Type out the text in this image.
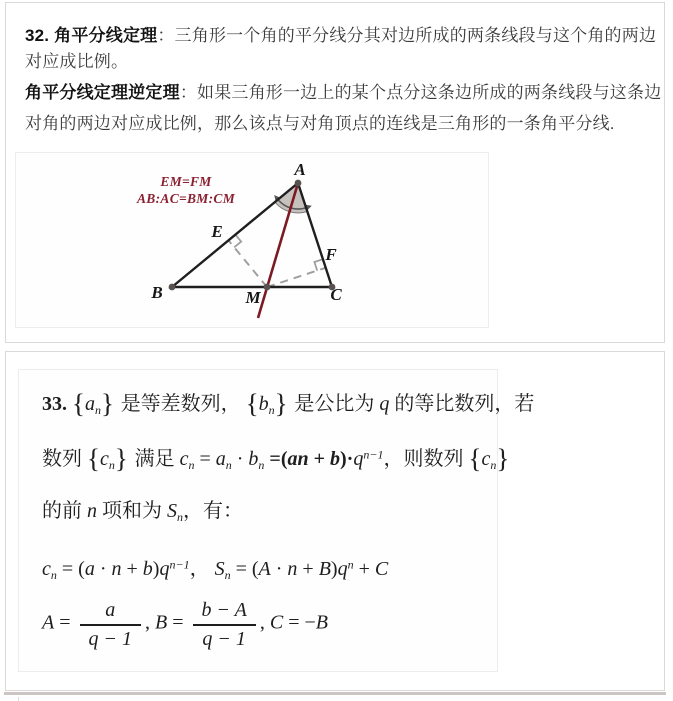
32. 角平分线定理：三角形一个角的平分线分其对边所成的两条线段与这个角的两边
对应成比例。
角平分线定理逆定理：如果三角形一边上的某个点分这条边所成的两条线段与这条边
对角的两边对应成比例，那么该点与对角顶点的连线是三角形的一条角平分线.
A
B	C
E
F
M
EM=FM
AB:AC=BM:CM
33. $\{a_n\}$ 是等差数列， $\{b_n\}$ 是公比为 q 的等比数列，若
数列 $\{c_n\}$ 满足 $c_n = a_n \cdot b_n =(an + b)\cdot q^{n-1}$，则数列 $\{c_n\}$
的前 n 项和为 $S_n$，有：
$c_n = (a \cdot n + b)q^{n-1}$， $S_n = (A \cdot n + B)q^n + C$
$A = \frac{a}{q - 1}$ , $B = \frac{b - A}{q - 1}$ , C = −B
